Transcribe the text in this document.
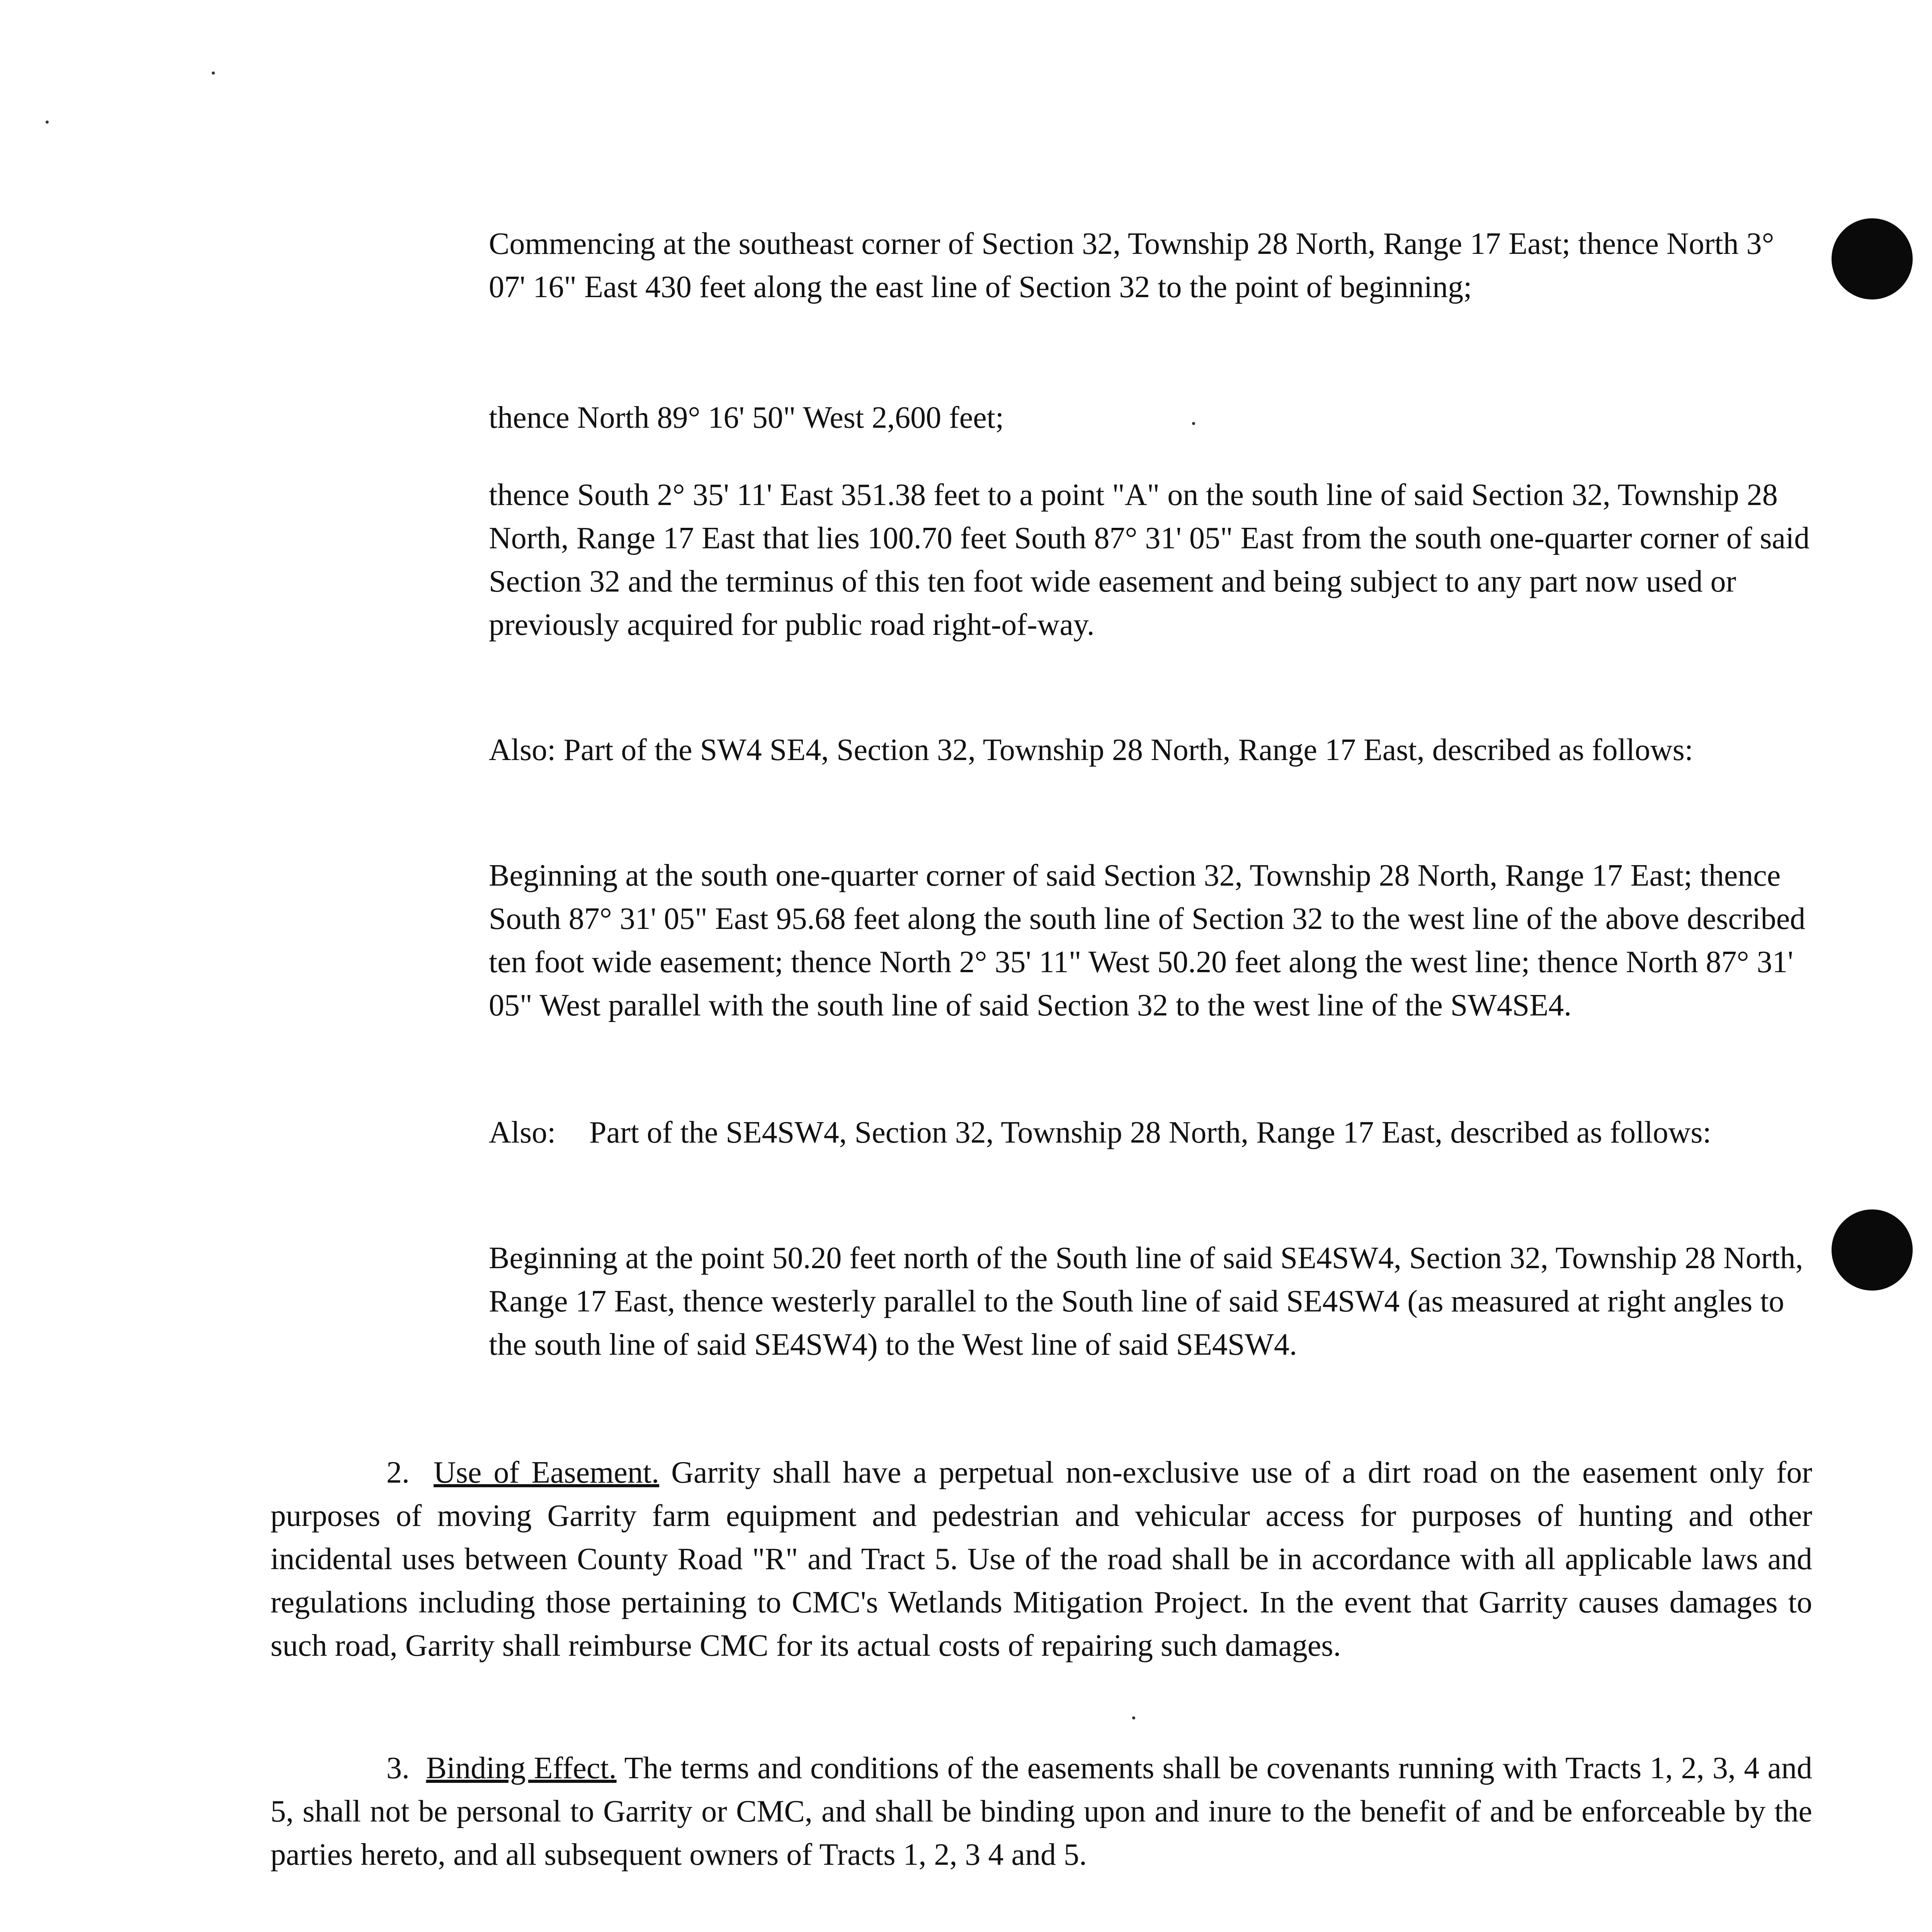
Commencing at the southeast corner of Section 32, Township 28 North, Range 17 East; thence North 3° 07' 16" East 430 feet along the east line of Section 32 to the point of beginning;

thence North 89° 16' 50" West 2,600 feet;

thence South 2° 35' 11' East 351.38 feet to a point "A" on the south line of said Section 32, Township 28 North, Range 17 East that lies 100.70 feet South 87° 31' 05" East from the south one-quarter corner of said Section 32 and the terminus of this ten foot wide easement and being subject to any part now used or previously acquired for public road right-of-way.

Also: Part of the SW4 SE4, Section 32, Township 28 North, Range 17 East, described as follows:

Beginning at the south one-quarter corner of said Section 32, Township 28 North, Range 17 East; thence South 87° 31' 05" East 95.68 feet along the south line of Section 32 to the west line of the above described ten foot wide easement; thence North 2° 35' 11" West 50.20 feet along the west line; thence North 87° 31' 05" West parallel with the south line of said Section 32 to the west line of the SW4SE4.

Also:	Part of the SE4SW4, Section 32, Township 28 North, Range 17 East, described as follows:

Beginning at the point 50.20 feet north of the South line of said SE4SW4, Section 32, Township 28 North, Range 17 East, thence westerly parallel to the South line of said SE4SW4 (as measured at right angles to the south line of said SE4SW4) to the West line of said SE4SW4.

2. Use of Easement. Garrity shall have a perpetual non-exclusive use of a dirt road on the easement only for purposes of moving Garrity farm equipment and pedestrian and vehicular access for purposes of hunting and other incidental uses between County Road "R" and Tract 5. Use of the road shall be in accordance with all applicable laws and regulations including those pertaining to CMC's Wetlands Mitigation Project. In the event that Garrity causes damages to such road, Garrity shall reimburse CMC for its actual costs of repairing such damages.

3. Binding Effect. The terms and conditions of the easements shall be covenants running with Tracts 1, 2, 3, 4 and 5, shall not be personal to Garrity or CMC, and shall be binding upon and inure to the benefit of and be enforceable by the parties hereto, and all subsequent owners of Tracts 1, 2, 3 4 and 5.
